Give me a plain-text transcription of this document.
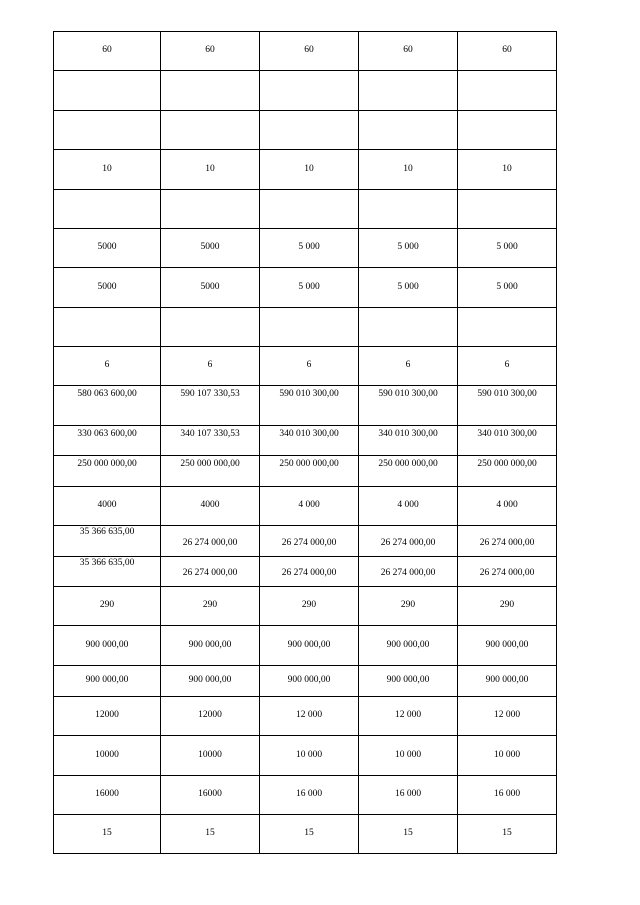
60	60	60	60	60

10	10	10	10	10

5000	5000	5 000	5 000	5 000
5000	5000	5 000	5 000	5 000

6	6	6	6	6
580 063 600,00	590 107 330,53	590 010 300,00	590 010 300,00	590 010 300,00
330 063 600,00	340 107 330,53	340 010 300,00	340 010 300,00	340 010 300,00
250 000 000,00	250 000 000,00	250 000 000,00	250 000 000,00	250 000 000,00
4000	4000	4 000	4 000	4 000

35 366 635,00	26 274 000,00	26 274 000,00	26 274 000,00	26 274 000,00

35 366 635,00	26 274 000,00	26 274 000,00	26 274 000,00	26 274 000,00
290	290	290	290	290
900 000,00	900 000,00	900 000,00	900 000,00	900 000,00
900 000,00	900 000,00	900 000,00	900 000,00	900 000,00
12000	12000	12 000	12 000	12 000
10000	10000	10 000	10 000	10 000
16000	16000	16 000	16 000	16 000
15	15	15	15	15
